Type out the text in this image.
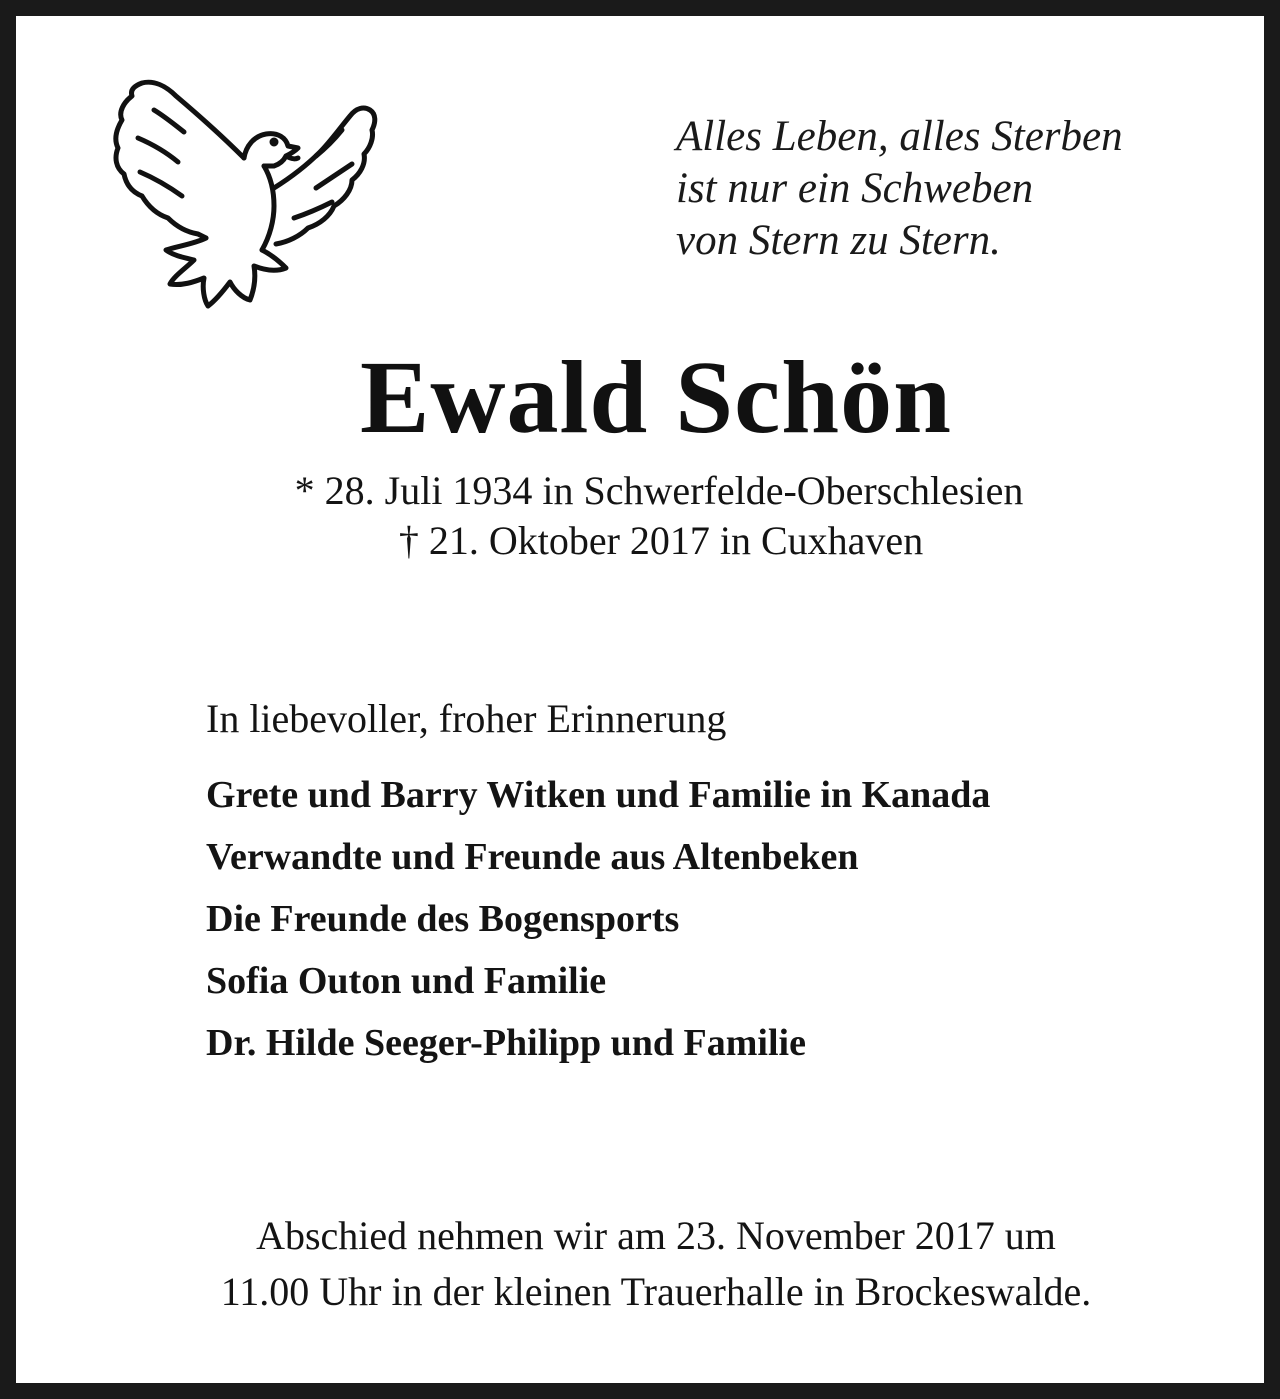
Alles Leben, alles Sterben
ist nur ein Schweben
von Stern zu Stern.
Ewald Schön
* 28. Juli 1934 in Schwerfelde-Oberschlesien
† 21. Oktober 2017 in Cuxhaven
In liebevoller, froher Erinnerung
Grete und Barry Witken und Familie in Kanada
Verwandte und Freunde aus Altenbeken
Die Freunde des Bogensports
Sofia Outon und Familie
Dr. Hilde Seeger-Philipp und Familie
Abschied nehmen wir am 23. November 2017 um
11.00 Uhr in der kleinen Trauerhalle in Brockeswalde.
